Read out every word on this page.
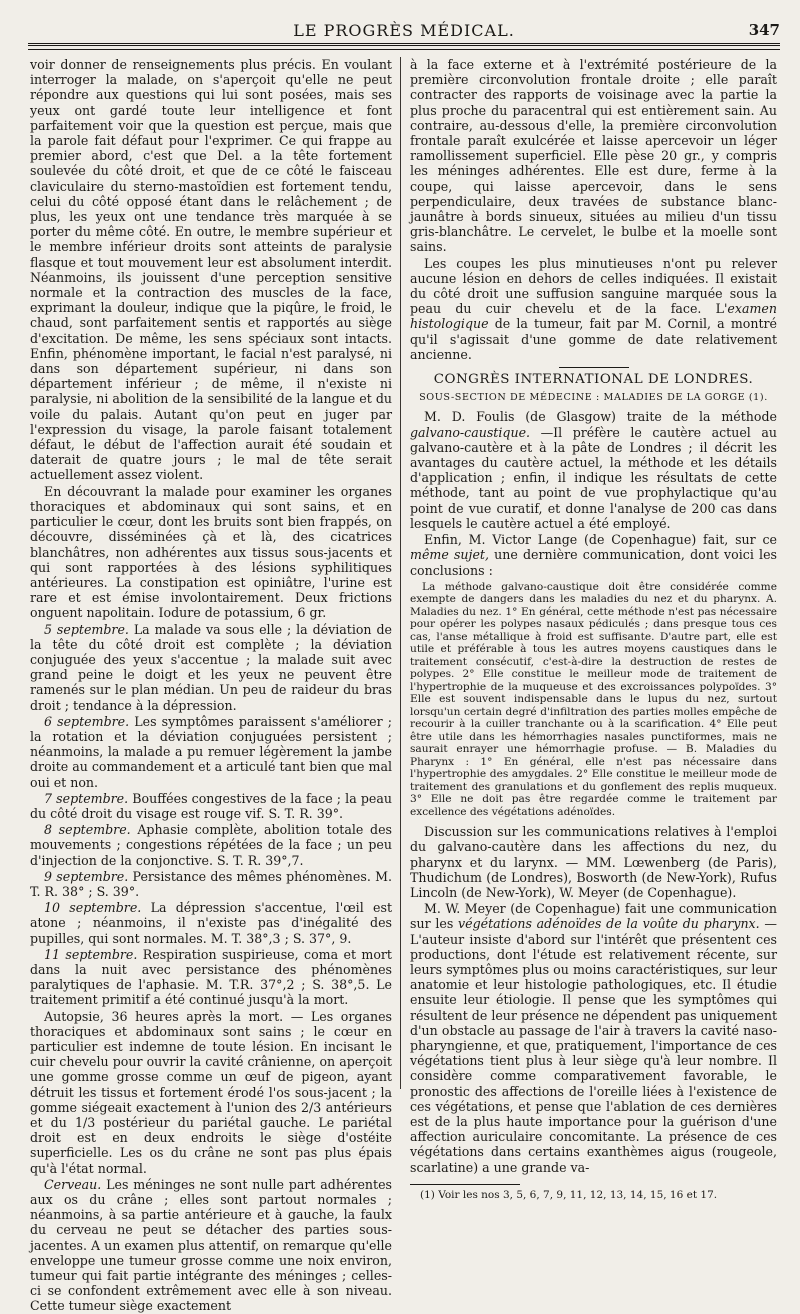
LE PROGRÈS MÉDICAL.	347

voir donner de renseignements plus précis. En voulant interroger la malade, on s'aperçoit qu'elle ne peut répondre aux questions qui lui sont posées, mais ses yeux ont gardé toute leur intelligence et font parfaitement voir que la question est perçue, mais que la parole fait défaut pour l'exprimer. Ce qui frappe au premier abord, c'est que Del. a la tête fortement soulevée du côté droit, et que de ce côté le faisceau claviculaire du sterno-mastoïdien est fortement tendu, celui du côté opposé étant dans le relâchement ; de plus, les yeux ont une tendance très marquée à se porter du même côté. En outre, le membre supérieur et le membre inférieur droits sont atteints de paralysie flasque et tout mouvement leur est absolument interdit. Néanmoins, ils jouissent d'une perception sensitive normale et la contraction des muscles de la face, exprimant la douleur, indique que la piqûre, le froid, le chaud, sont parfaitement sentis et rapportés au siège d'excitation. De même, les sens spéciaux sont intacts. Enfin, phénomène important, le facial n'est paralysé, ni dans son département supérieur, ni dans son département inférieur ; de même, il n'existe ni paralysie, ni abolition de la sensibilité de la langue et du voile du palais. Autant qu'on peut en juger par l'expression du visage, la parole faisant totalement défaut, le début de l'affection aurait été soudain et daterait de quatre jours ; le mal de tête serait actuellement assez violent.

En découvrant la malade pour examiner les organes thoraciques et abdominaux qui sont sains, et en particulier le cœur, dont les bruits sont bien frappés, on découvre, disséminées çà et là, des cicatrices blanchâtres, non adhérentes aux tissus sous-jacents et qui sont rapportées à des lésions syphilitiques antérieures. La constipation est opiniâtre, l'urine est rare et est émise involontairement. Deux frictions onguent napolitain. Iodure de potassium, 6 gr.

5 septembre. La malade va sous elle ; la déviation de la tête du côté droit est complète ; la déviation conjuguée des yeux s'accentue ; la malade suit avec grand peine le doigt et les yeux ne peuvent être ramenés sur le plan médian. Un peu de raideur du bras droit ; tendance à la dépression.

6 septembre. Les symptômes paraissent s'améliorer ; la rotation et la déviation conjuguées persistent ; néanmoins, la malade a pu remuer légèrement la jambe droite au commandement et a articulé tant bien que mal oui et non.

7 septembre. Bouffées congestives de la face ; la peau du côté droit du visage est rouge vif. S. T. R. 39°.

8 septembre. Aphasie complète, abolition totale des mouvements ; congestions répétées de la face ; un peu d'injection de la conjonctive. S. T. R. 39°,7.

9 septembre. Persistance des mêmes phénomènes. M. T. R. 38° ; S. 39°.

10 septembre. La dépression s'accentue, l'œil est atone ; néanmoins, il n'existe pas d'inégalité des pupilles, qui sont normales. M. T. 38°,3 ; S. 37°, 9.

11 septembre. Respiration suspirieuse, coma et mort dans la nuit avec persistance des phénomènes paralytiques de l'aphasie. M. T.R. 37°,2 ; S. 38°,5. Le traitement primitif a été continué jusqu'à la mort.

Autopsie, 36 heures après la mort. — Les organes thoraciques et abdominaux sont sains ; le cœur en particulier est indemne de toute lésion. En incisant le cuir chevelu pour ouvrir la cavité crânienne, on aperçoit une gomme grosse comme un œuf de pigeon, ayant détruit les tissus et fortement érodé l'os sous-jacent ; la gomme siégeait exactement à l'union des 2/3 antérieurs et du 1/3 postérieur du pariétal gauche. Le pariétal droit est en deux endroits le siège d'ostéite superficielle. Les os du crâne ne sont pas plus épais qu'à l'état normal.

Cerveau. Les méninges ne sont nulle part adhérentes aux os du crâne ; elles sont partout normales ; néanmoins, à sa partie antérieure et à gauche, la faulx du cerveau ne peut se détacher des parties sous-jacentes. A un examen plus attentif, on remarque qu'elle enveloppe une tumeur grosse comme une noix environ, tumeur qui fait partie intégrante des méninges ; celles-ci se confondent extrêmement avec elle à son niveau. Cette tumeur siège exactement

à la face externe et à l'extrémité postérieure de la première circonvolution frontale droite ; elle paraît contracter des rapports de voisinage avec la partie la plus proche du paracentral qui est entièrement sain. Au contraire, au-dessous d'elle, la première circonvolution frontale paraît exulcérée et laisse apercevoir un léger ramollissement superficiel. Elle pèse 20 gr., y compris les méninges adhérentes. Elle est dure, ferme à la coupe, qui laisse apercevoir, dans le sens perpendiculaire, deux travées de substance blanc-jaunâtre à bords sinueux, situées au milieu d'un tissu gris-blanchâtre. Le cervelet, le bulbe et la moelle sont sains.

Les coupes les plus minutieuses n'ont pu relever aucune lésion en dehors de celles indiquées. Il existait du côté droit une suffusion sanguine marquée sous la peau du cuir chevelu et de la face. L'examen histologique de la tumeur, fait par M. Cornil, a montré qu'il s'agissait d'une gomme de date relativement ancienne.

CONGRÈS INTERNATIONAL DE LONDRES.
SOUS-SECTION DE MÉDECINE : MALADIES DE LA GORGE (1).

M. D. Foulis (de Glasgow) traite de la méthode galvano-caustique. —Il préfère le cautère actuel au galvano-cautère et à la pâte de Londres ; il décrit les avantages du cautère actuel, la méthode et les détails d'application ; enfin, il indique les résultats de cette méthode, tant au point de vue prophylactique qu'au point de vue curatif, et donne l'analyse de 200 cas dans lesquels le cautère actuel a été employé.

Enfin, M. Victor Lange (de Copenhague) fait, sur ce même sujet, une dernière communication, dont voici les conclusions :

La méthode galvano-caustique doit être considérée comme exempte de dangers dans les maladies du nez et du pharynx. A. Maladies du nez. 1° En général, cette méthode n'est pas nécessaire pour opérer les polypes nasaux pédiculés ; dans presque tous ces cas, l'anse métallique à froid est suffisante. D'autre part, elle est utile et préférable à tous les autres moyens caustiques dans le traitement consécutif, c'est-à-dire la destruction de restes de polypes. 2° Elle constitue le meilleur mode de traitement de l'hypertrophie de la muqueuse et des excroissances polypoïdes. 3° Elle est souvent indispensable dans le lupus du nez, surtout lorsqu'un certain degré d'infiltration des parties molles empêche de recourir à la cuiller tranchante ou à la scarification. 4° Elle peut être utile dans les hémorrhagies nasales punctiformes, mais ne saurait enrayer une hémorrhagie profuse. — B. Maladies du Pharynx : 1° En général, elle n'est pas nécessaire dans l'hypertrophie des amygdales. 2° Elle constitue le meilleur mode de traitement des granulations et du gonflement des replis muqueux. 3° Elle ne doit pas être regardée comme le traitement par excellence des végétations adénoïdes.

Discussion sur les communications relatives à l'emploi du galvano-cautère dans les affections du nez, du pharynx et du larynx. — MM. Lœwenberg (de Paris), Thudichum (de Londres), Bosworth (de New-York), Rufus Lincoln (de New-York), W. Meyer (de Copenhague).

M. W. Meyer (de Copenhague) fait une communication sur les végétations adénoïdes de la voûte du pharynx. — L'auteur insiste d'abord sur l'intérêt que présentent ces productions, dont l'étude est relativement récente, sur leurs symptômes plus ou moins caractéristiques, sur leur anatomie et leur histologie pathologiques, etc. Il étudie ensuite leur étiologie. Il pense que les symptômes qui résultent de leur présence ne dépendent pas uniquement d'un obstacle au passage de l'air à travers la cavité naso-pharyngienne, et que, pratiquement, l'importance de ces végétations tient plus à leur siège qu'à leur nombre. Il considère comme comparativement favorable, le pronostic des affections de l'oreille liées à l'existence de ces végétations, et pense que l'ablation de ces dernières est de la plus haute importance pour la guérison d'une affection auriculaire concomitante. La présence de ces végétations dans certains exanthèmes aigus (rougeole, scarlatine) a une grande va-

(1) Voir les nos 3, 5, 6, 7, 9, 11, 12, 13, 14, 15, 16 et 17.
